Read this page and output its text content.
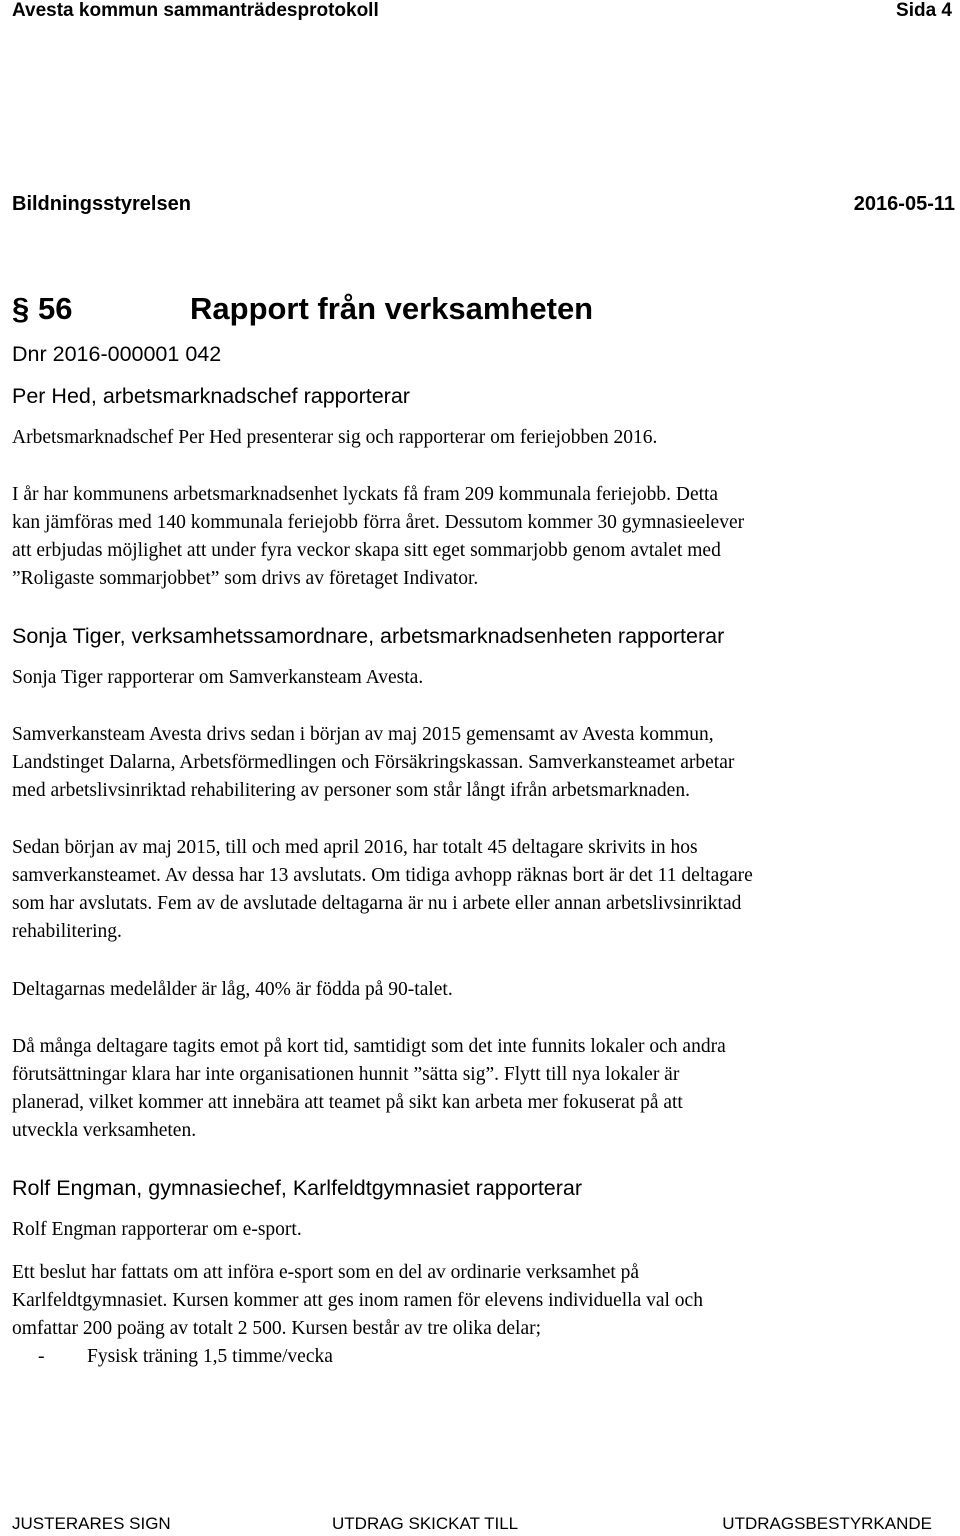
Avesta kommun sammanträdesprotokoll	Sida 4
Bildningsstyrelsen	2016-05-11
§ 56	Rapport från verksamheten
Dnr 2016-000001 042
Per Hed, arbetsmarknadschef rapporterar
Arbetsmarknadschef Per Hed presenterar sig och rapporterar om feriejobben 2016.
I år har kommunens arbetsmarknadsenhet lyckats få fram 209 kommunala feriejobb. Detta
kan jämföras med 140 kommunala feriejobb förra året. Dessutom kommer 30 gymnasieelever
att erbjudas möjlighet att under fyra veckor skapa sitt eget sommarjobb genom avtalet med
”Roligaste sommarjobbet” som drivs av företaget Indivator.
Sonja Tiger, verksamhetssamordnare, arbetsmarknadsenheten rapporterar
Sonja Tiger rapporterar om Samverkansteam Avesta.
Samverkansteam Avesta drivs sedan i början av maj 2015 gemensamt av Avesta kommun,
Landstinget Dalarna, Arbetsförmedlingen och Försäkringskassan. Samverkansteamet arbetar
med arbetslivsinriktad rehabilitering av personer som står långt ifrån arbetsmarknaden.
Sedan början av maj 2015, till och med april 2016, har totalt 45 deltagare skrivits in hos
samverkansteamet. Av dessa har 13 avslutats. Om tidiga avhopp räknas bort är det 11 deltagare
som har avslutats. Fem av de avslutade deltagarna är nu i arbete eller annan arbetslivsinriktad
rehabilitering.
Deltagarnas medelålder är låg, 40% är födda på 90-talet.
Då många deltagare tagits emot på kort tid, samtidigt som det inte funnits lokaler och andra
förutsättningar klara har inte organisationen hunnit ”sätta sig”. Flytt till nya lokaler är
planerad, vilket kommer att innebära att teamet på sikt kan arbeta mer fokuserat på att
utveckla verksamheten.
Rolf Engman, gymnasiechef, Karlfeldtgymnasiet rapporterar
Rolf Engman rapporterar om e-sport.
Ett beslut har fattats om att införa e-sport som en del av ordinarie verksamhet på
Karlfeldtgymnasiet. Kursen kommer att ges inom ramen för elevens individuella val och
omfattar 200 poäng av totalt 2 500. Kursen består av tre olika delar;
- Fysisk träning 1,5 timme/vecka
JUSTERARES SIGN	UTDRAG SKICKAT TILL	UTDRAGSBESTYRKANDE
